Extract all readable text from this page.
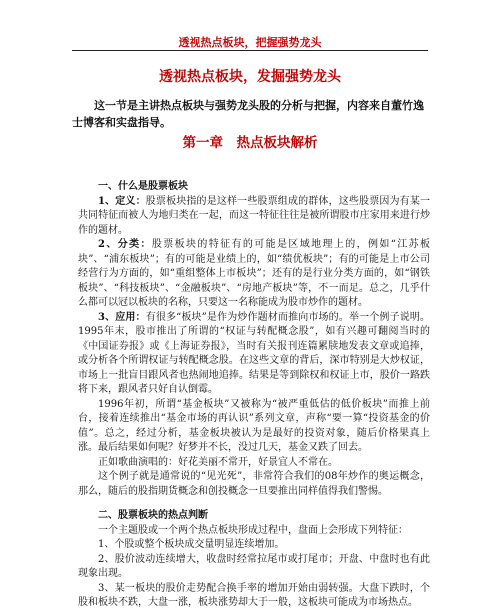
透视热点板块，把握强势龙头
透视热点板块，发掘强势龙头
这一节是主讲热点板块与强势龙头股的分析与把握，内容来自董竹逸士博客和实盘指导。
第一章　热点板块解析

一、什么是股票板块

1、定义：股票板块指的是这样一些股票组成的群体，这些股票因为有某一共同特征而被人为地归类在一起，而这一特征往往是被所谓股市庄家用来进行炒作的题材。

2、分类：股票板块的特征有的可能是区域地理上的，例如“江苏板块”、“浦东板块”；有的可能是业绩上的，如“绩优板块”；有的可能是上市公司经营行为方面的，如“重组整体上市板块”；还有的是行业分类方面的，如“钢铁板块”、“科技板块”、“金融板块”、“房地产板块”等，不一而足。总之，几乎什么都可以冠以板块的名称，只要这一名称能成为股市炒作的题材。

3、应用：有很多“板块”是作为炒作题材而推向市场的。举一个例子说明。1995年末，股市推出了所谓的“权证与转配概念股”，如有兴趣可翻阅当时的《中国证券报》或《上海证券报》，当时有关报刊连篇累牍地发表文章或追捧，或分析各个所谓权证与转配概念股。在这些文章的背后，深市特别是大炒权证，市场上一批盲目跟风者也热闹地追捧。结果是等到除权和权证上市，股价一路跌将下来，跟风者只好自认倒霉。

1996年初，所谓“基金板块”又被称为“被严重低估的低价板块”而推上前台，接着连续推出“基金市场的再认识”系列文章，声称“要一算“投资基金的价值”。总之，经过分析，基金板块被认为是最好的投资对象，随后价格果真上涨。最后结果如何呢？好梦并不长，没过几天，基金又跌了回去。

正如歌曲演唱的：好花美丽不常开，好景宜人不常在。

这个例子就是通常说的“见光死”，非常符合我们的08年炒作的奥运概念，那么，随后的股指期货概念和创投概念一旦要推出同样值得我们警惕。

二、股票板块的热点判断

一个主题股或一个两个热点板块形成过程中，盘面上会形成下列特征：

1、个股或整个板块成交量明显连续增加。

2、股价波动连续增大，收盘时经常拉尾市或打尾市；开盘、中盘时也有此现象出现。

3、某一板块的股价走势配合换手率的增加开始由弱转强。大盘下跌时，个股和板块不跌，大盘一涨，板块涨势却大于一般，这板块可能成为市场热点。
